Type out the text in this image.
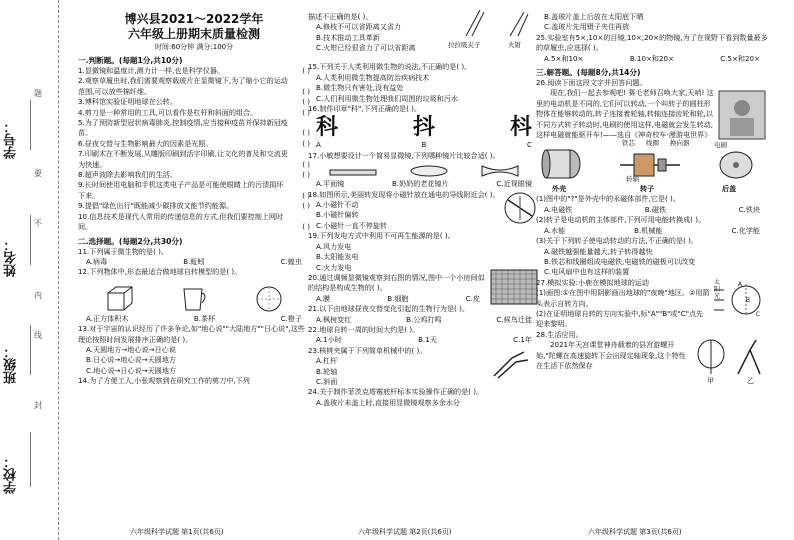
学号：
姓名：
班级：
学校：
题
要
不
内
线
封
博兴县2021～2022学年
六年级上册期末质量检测
时间:60分钟 满分:100分
一.判断题。(每题1分,共10分)
1.显微镜和温度计,测力计一样,也是科学仪器。	( )
2.观察草履虫时,我们需要观察载玻片在显微镜下,为了缩小它的运动范围,可以放些棉纤维。	( )
3.博科馆实验证明地球在公转。	( )
4.剪刀是一种常用的工具,可以看作是杠杆和斜面的组合。	( )
5.为了预防新型冠状病毒肺炎,控制疫情,应当接种疫苗并保持新冠疫苗。	( )
6.昼夜交替与生物影响最大的因素是光照。	( )
7.印刷术在不断发展,从雕版印刷到活字印刷,让文化的普及和交流更为快速。	( )
8.超声波除去影响我们的生活。	( )
9.长时间使用电脑和手机这类电子产品是可能使眼睛上的污渍损坏下来。	( )
9.提倡"绿色出行"既能减少碳排放又能节约能源。	( )
10.信息技术是现代人常用的传递信息的方式,但我们要控制上网时间。	( )
二.选择题。(每题2分,共30分)
11.下列属于微生物的是( )。
A.病毒	B.蚯蚓	C.蝗虫
12.下列物体中,形态最适合做地球自转模型的是( )。
A.正方体积木	B.茶杯	C.橙子
13.对于宇宙的认识经历了许多争论,如"地心说""大陆地方""日心说",这些理论按照时间发展排序正确的是( )。
A.天圆地方→地心说→日心说
B.日心说→地心说→天圆地方
C.地心说→日心说→天圆地方
14.为了方便工人,小张观察到在研究工作的剪刀中,下列
描述不正确的是( )。
A.修枝不可以省距离又省力
B.技术推动工具革新
C.火钳已经很省力了可以省距离	拉拉吸夹子	火钳
15.下列关于人类利用微生物的说法,不正确的是( )。
A.人类利用微生物提高防治疾病技术
B.微生物只有害处,没有益处
C.人们利用微生物处理我们周围的垃圾和污水
16.制作印章"科",下列正确的是( )。
科	抖	枓
A	B	C
17.小敏想要设计一个简易显微镜,下列哪种镜片比较合适( )。
A.平面镜	B.奶奶的老花镜片	C.近视眼镜
18.如图所示,美丽转发现将小磁针放在通电的导线附近会( )。
A.小磁针不动
B.小磁针偏转
C.小磁针一直不停旋转
19.下列发电方式中利用不可再生能源的是( )。
A.风力发电
B.太阳能发电
C.火力发电
20.通过调频显微镜观察到右图的情况,图中一个小房间似的结构是构成生物的( )。
A.膜	B.细胞	C.皮
21.以下由地球昼夜交替变化引起的生物行为是( )。
A.枫树变红	B.公鸡打鸣	C.候鸟迁徙
22.地球自转一周的时间大约是( )。
A.1小时	B.1天	C.1年
23.核桃夹属于下列简单机械中的( )。
A.杠杆
B.轮轴
C.斜面
24.关于制作菲茨克塔霉底杆标本实验操作正确的是( )。
A.盖玻片未盖上时,直接用显微镜观察多余水分
B.盖玻片盖上后放在太阳底下晒
C.盖玻片先用镊子夹住再放
25.实验室有5×,10×的目镜,10×,20×的物镜,为了在视野下看到数量最多的草履虫,应选择( )。
A.5×和10×	B.10×和20×	C.5×和20×
三.解答题。(每题8分,共14分)
26.阅读下面这段文字并回答问题。
现在,我们一起去参观吧! 赛毛老师召唤大家,天哨! 这里的电动机是不同的,它们可以转动,一个叫转子的圆柱形物体在能够转动的,转子连接着轮轴,转轴连接齿轮和轮,以不同方式转子转动时,电刷的使用这样,电磁就会发生转动,这样电磁就能驱开车!——选自《神奇校车·漫游电世界》
铁芯 线圈 换向器	电刷
转轴
外壳	转子	后盖
(1)图中的"?"是外壳中的永磁体部件,它是( )。
A.电磁铁	B.磁铁	C.铁块
(2)转子是电动机的主体部件,下列可用电能转换成( )。
A.水能	B.机械能	C.化学能
(3)关于下列转子使电动转动的方法,不正确的是( )。
A.磁铁越强能量越大,转子转得越快
B.铁芯和线圈组成电磁铁,电磁铁的磁极可以改变
C.电风扇中也有这样的装置
27.模拟实验:小鹿在模拟地球的运动
(1)画图:①在图中用阴影画出地球的"夜晚"地区。②用箭头表示自转方向。
(2)在证明地球自转的方向实验中,标"A""B"或"C"点先迎来黎明。
太
阳
光
A
B
C
28.生活应用。
2021年天宫课堂神舟载着的县宫游螺开始,"陀螺在高速旋转下会出现定轴现象,这个特性在生活下依然保存
甲	乙
六年级科学试题 第1页(共6页)	六年级科学试题 第2页(共6页)	六年级科学试题 第3页(共6页)
